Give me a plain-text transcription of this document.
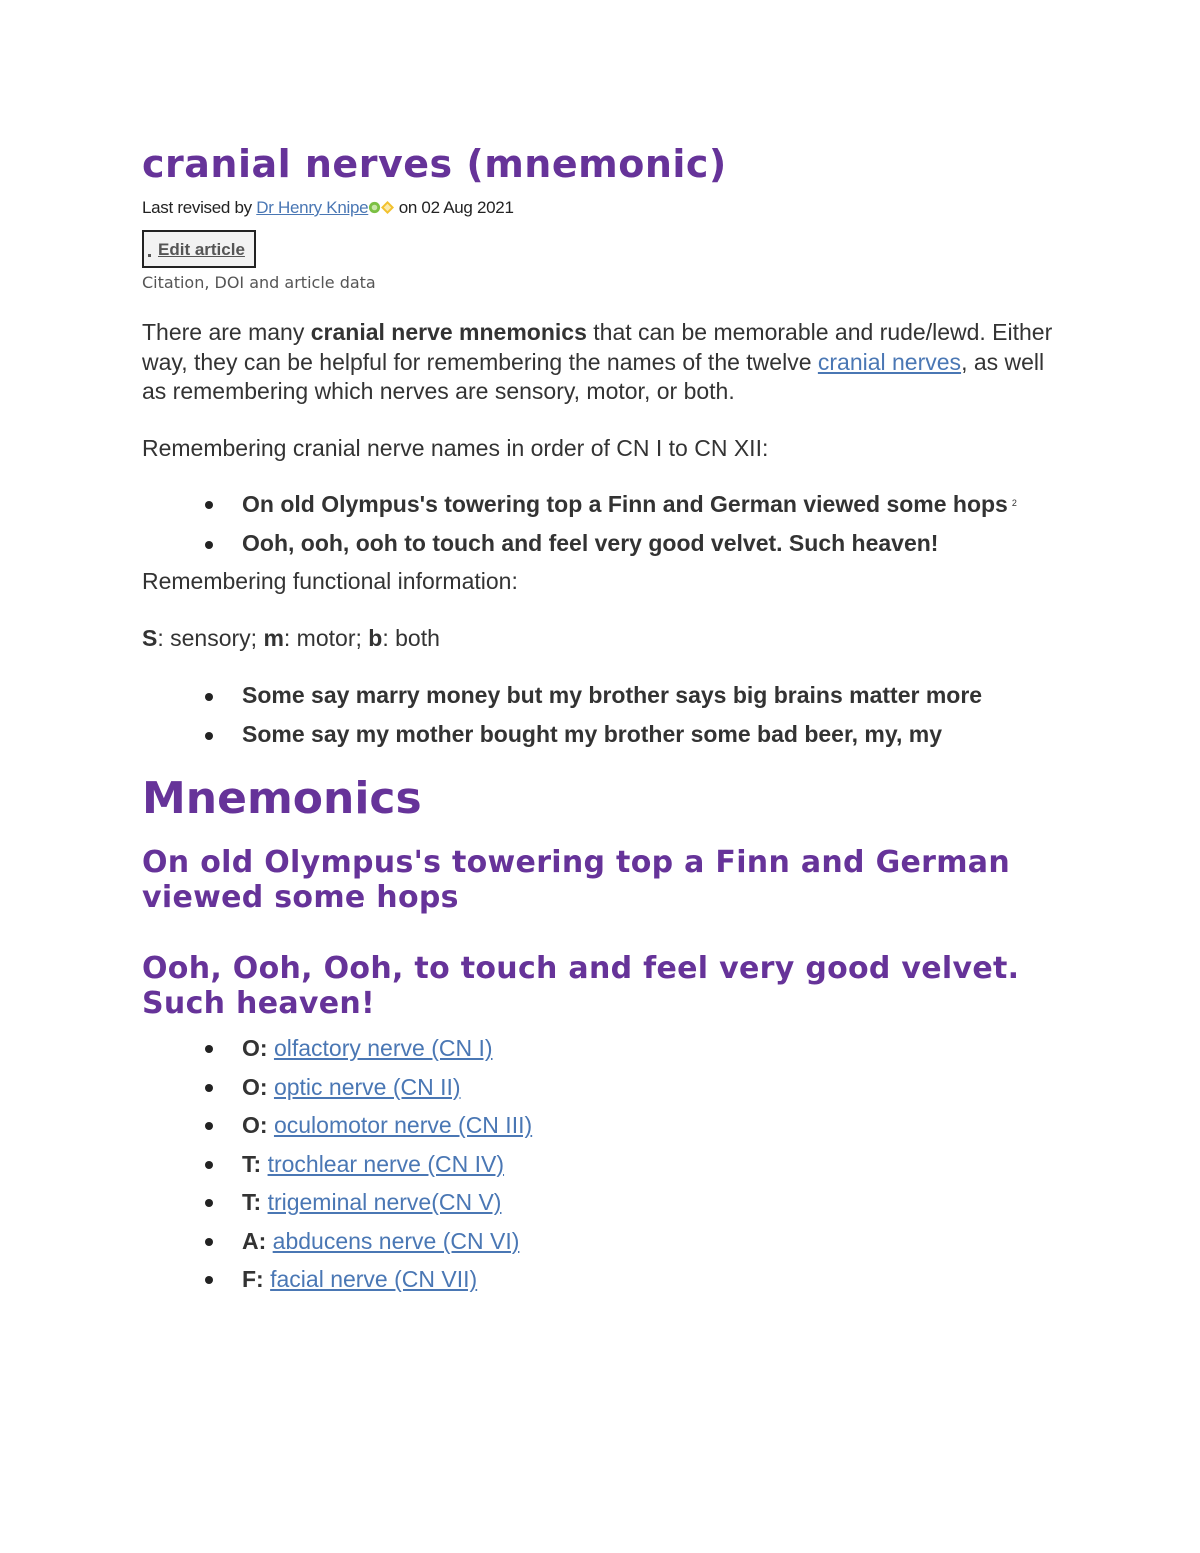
cranial nerves (mnemonic)
Last revised by Dr Henry Knipe on 02 Aug 2021
Edit article
Citation, DOI and article data

There are many cranial nerve mnemonics that can be memorable and rude/lewd. Either way, they can be helpful for remembering the names of the twelve cranial nerves, as well as remembering which nerves are sensory, motor, or both.

Remembering cranial nerve names in order of CN I to CN XII:

On old Olympus's towering top a Finn and German viewed some hops $^2$
Ooh, ooh, ooh to touch and feel very good velvet. Such heaven!

Remembering functional information:

S: sensory; m: motor; b: both

Some say marry money but my brother says big brains matter more
Some say my mother bought my brother some bad beer, my, my
Mnemonics
On old Olympus's towering top a Finn and German viewed some hops
Ooh, Ooh, Ooh, to touch and feel very good velvet. Such heaven!
O: olfactory nerve (CN I)
O: optic nerve (CN II)
O: oculomotor nerve (CN III)
T: trochlear nerve (CN IV)
T: trigeminal nerve(CN V)
A: abducens nerve (CN VI)
F: facial nerve (CN VII)
